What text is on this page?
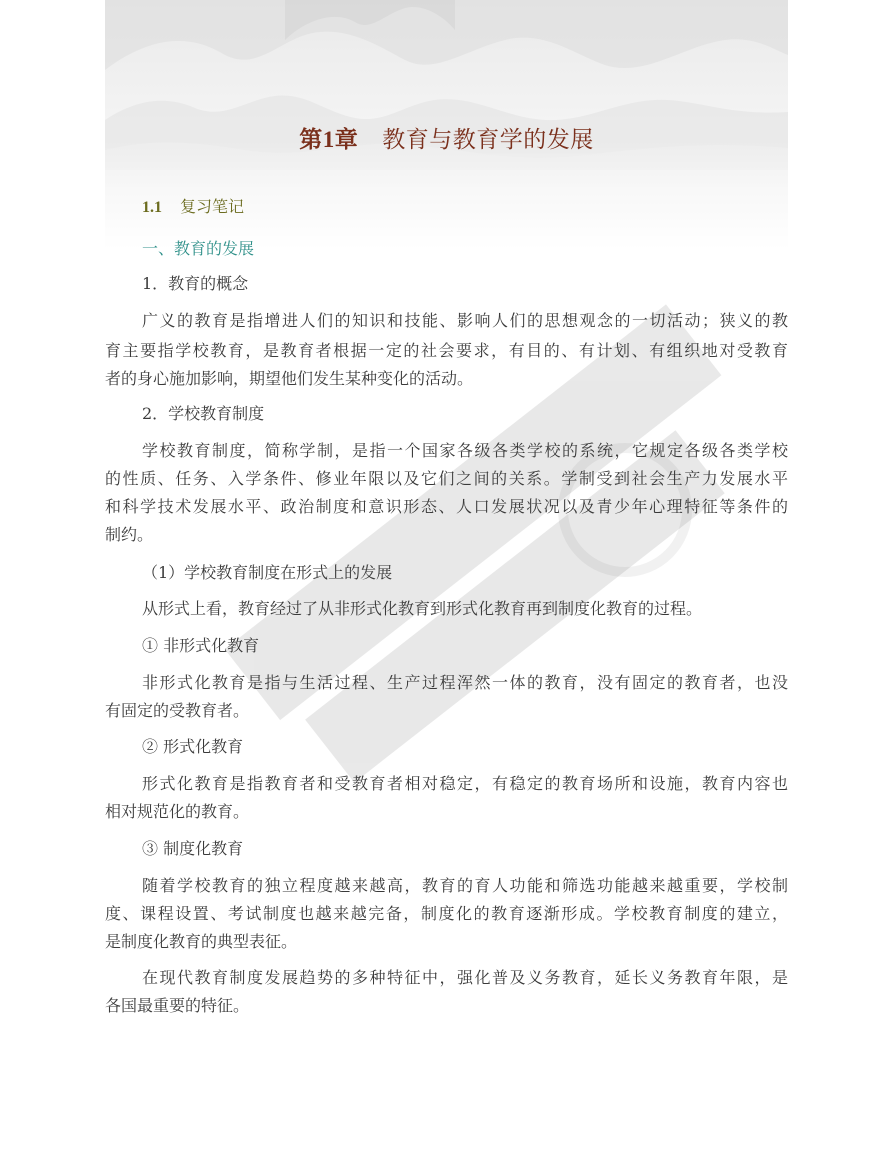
第1章 教育与教育学的发展
1.1 复习笔记
一、教育的发展
1．教育的概念
广义的教育是指增进人们的知识和技能、影响人们的思想观念的一切活动；狭义的教
育主要指学校教育，是教育者根据一定的社会要求，有目的、有计划、有组织地对受教育
者的身心施加影响，期望他们发生某种变化的活动。
2．学校教育制度
学校教育制度，简称学制，是指一个国家各级各类学校的系统，它规定各级各类学校
的性质、任务、入学条件、修业年限以及它们之间的关系。学制受到社会生产力发展水平
和科学技术发展水平、政治制度和意识形态、人口发展状况以及青少年心理特征等条件的
制约。
（1）学校教育制度在形式上的发展
从形式上看，教育经过了从非形式化教育到形式化教育再到制度化教育的过程。
① 非形式化教育
非形式化教育是指与生活过程、生产过程浑然一体的教育，没有固定的教育者，也没
有固定的受教育者。
② 形式化教育
形式化教育是指教育者和受教育者相对稳定，有稳定的教育场所和设施，教育内容也
相对规范化的教育。
③ 制度化教育
随着学校教育的独立程度越来越高，教育的育人功能和筛选功能越来越重要，学校制
度、课程设置、考试制度也越来越完备，制度化的教育逐渐形成。学校教育制度的建立，
是制度化教育的典型表征。
在现代教育制度发展趋势的多种特征中，强化普及义务教育，延长义务教育年限，是
各国最重要的特征。
